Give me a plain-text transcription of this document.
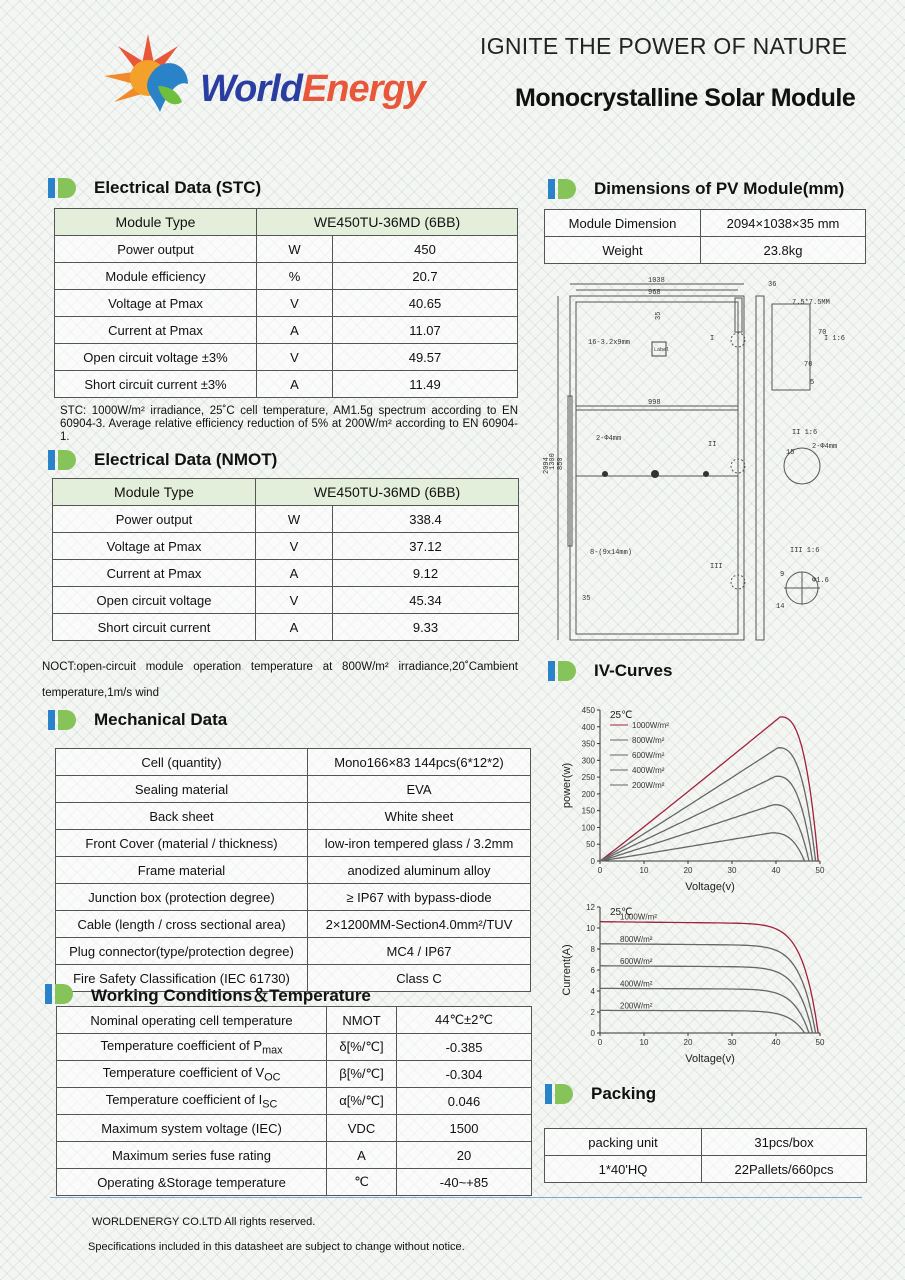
WorldEnergy
IGNITE THE POWER OF NATURE
Monocrystalline Solar Module
Electrical Data (STC)
Module Type	WE450TU-36MD (6BB)	
Power output	W	450
Module efficiency	%	20.7
Voltage at Pmax	V	40.65
Current at Pmax	A	11.07
Open circuit voltage ±3%	V	49.57
Short circuit current ±3%	A	11.49
STC: 1000W/m² irradiance, 25˚C cell temperature, AM1.5g spectrum according to EN 60904-3. Average relative efficiency reduction of 5% at 200W/m² according to EN 60904-1.
Electrical Data (NMOT)
Module Type	WE450TU-36MD (6BB)	
Power output	W	338.4
Voltage at Pmax	V	37.12
Current at Pmax	A	9.12
Open circuit voltage	V	45.34
Short circuit current	A	9.33
NOCT:open-circuit module operation temperature at 800W/m² irradiance,20˚Cambient temperature,1m/s wind
Mechanical Data
Cell (quantity)	Mono166×83 144pcs(6*12*2)
Sealing material	EVA
Back sheet	White sheet
Front Cover (material / thickness)	low-iron tempered glass / 3.2mm
Frame material	anodized aluminum alloy
Junction box (protection degree)	≥ IP67 with bypass-diode
Cable (length / cross sectional area)	2×1200MM-Section4.0mm²/TUV
Plug connector(type/protection degree)	MC4 / IP67
Fire Safety Classification (IEC 61730)	Class C
Working Conditions＆Temperature
Nominal operating cell temperature	NMOT	44℃±2℃
Temperature coefficient of $P_{max}$	δ[%/℃]	-0.385
Temperature coefficient of $V_{OC}$	β[%/℃]	-0.304
Temperature coefficient of $I_{SC}$	α[%/℃]	0.046
Maximum system voltage (IEC)	VDC	1500
Maximum series fuse rating	A	20
Operating &Storage temperature	℃	-40~+85
Dimensions of PV Module(mm)
Module Dimension	2094×1038×35 mm
Weight	23.8kg
1038
968
36
998
16-3.2x9mm
2-Φ4mm
8-(9x14mm)
Label
2094
1300 850
35
35
7.5*7.5MM
70
70
5
I
II
III
I 1:6
II 1:6
III 1:6
15
2-Φ4mm
9
14
Φ1.6
IV-Curves
0	10	20	30	40	50
0
50
100
150
200
250
300
350
400
450 25℃
Voltage(v)
power(w)
1000W/m²
800W/m²
600W/m²
400W/m²
200W/m²
0	10	20	30	40	50
0
2
4
6
8
10
12 25℃
Voltage(v)
Current(A)
1000W/m²
800W/m²
600W/m²
400W/m²
200W/m²
Packing
packing unit	31pcs/box
1*40'HQ	22Pallets/660pcs
WORLDENERGY CO.LTD All rights reserved.
Specifications included in this datasheet are subject to change without notice.
